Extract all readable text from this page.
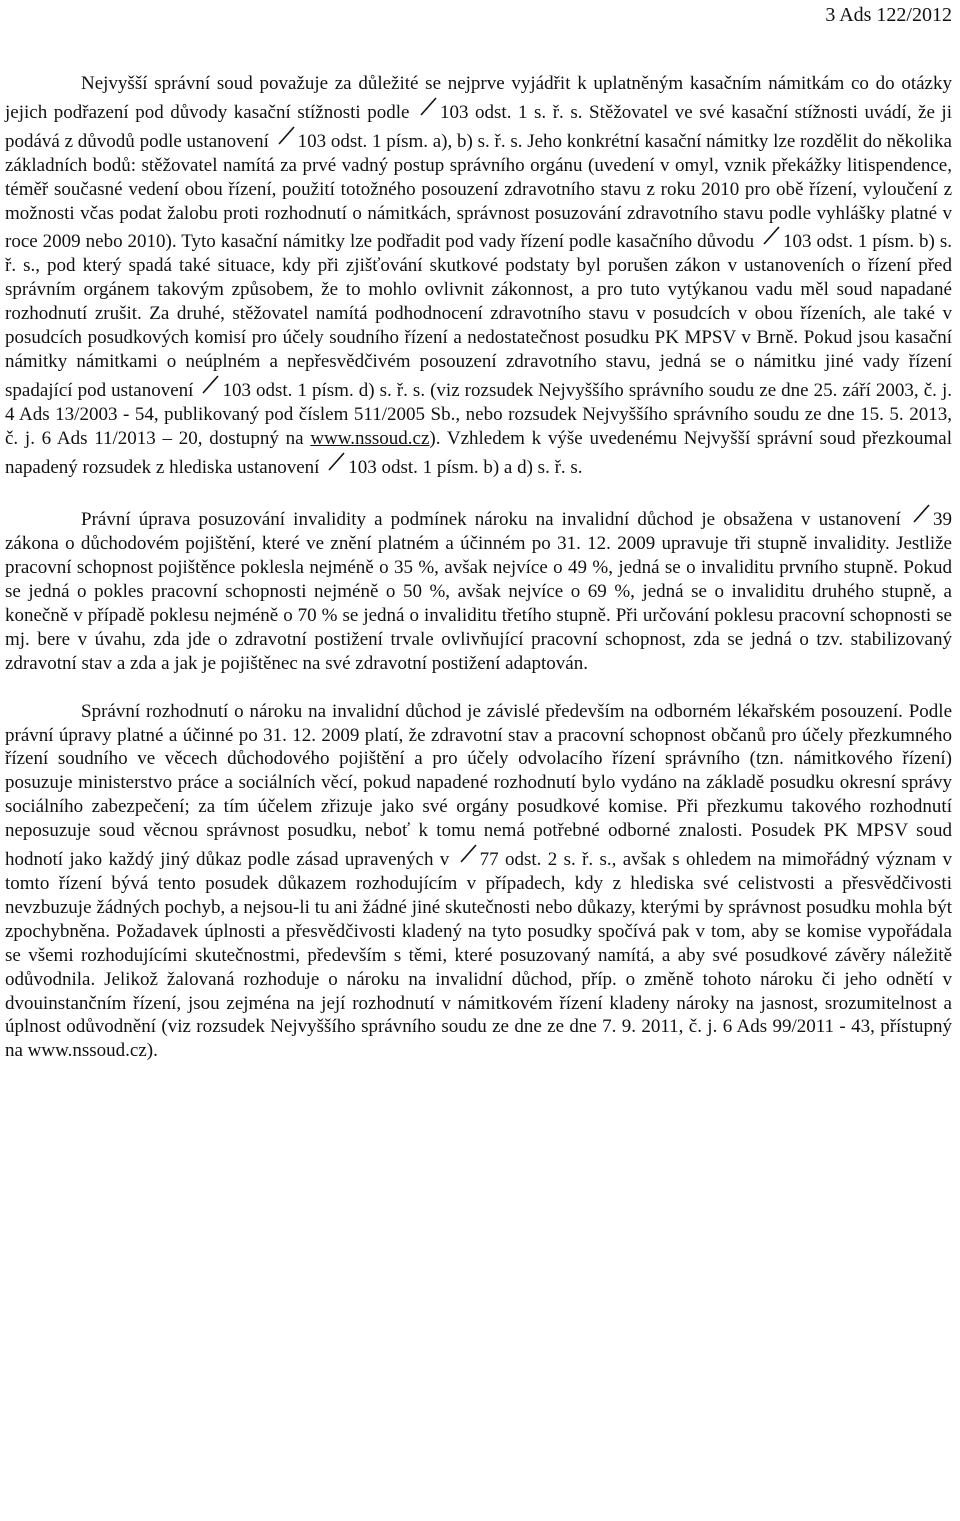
3 Ads 122/2012

Nejvyšší správní soud považuje za důležité se nejprve vyjádřit k uplatněným kasačním námitkám co do otázky jejich podřazení pod důvody kasační stížnosti podle
103 odst. 1 s. ř. s. Stěžovatel ve své kasační stížnosti uvádí, že ji podává z důvodů podle ustanovení
103 odst. 1 písm. a), b) s. ř. s. Jeho konkrétní kasační námitky lze rozdělit do několika základních bodů: stěžovatel namítá za prvé vadný postup správního orgánu (uvedení v omyl, vznik překážky litispendence, téměř současné vedení obou řízení, použití totožného posouzení zdravotního stavu z roku 2010 pro obě řízení, vyloučení z možnosti včas podat žalobu proti rozhodnutí o námitkách, správnost posuzování zdravotního stavu podle vyhlášky platné v roce 2009 nebo 2010). Tyto kasační námitky lze podřadit pod vady řízení podle kasačního důvodu
103 odst. 1 písm. b) s. ř. s., pod který spadá také situace, kdy při zjišťování skutkové podstaty byl porušen zákon v ustanoveních o řízení před správním orgánem takovým způsobem, že to mohlo ovlivnit zákonnost, a pro tuto vytýkanou vadu měl soud napadané rozhodnutí zrušit. Za druhé, stěžovatel namítá podhodnocení zdravotního stavu v posudcích v obou řízeních, ale také v posudcích posudkových komisí pro účely soudního řízení a nedostatečnost posudku PK MPSV v Brně. Pokud jsou kasační námitky námitkami o neúplném a nepřesvědčivém posouzení zdravotního stavu, jedná se o námitku jiné vady řízení spadající pod ustanovení
103 odst. 1 písm. d) s. ř. s. (viz rozsudek Nejvyššího správního soudu ze dne 25. září 2003, č. j. 4 Ads 13/2003 - 54, publikovaný pod číslem 511/2005 Sb., nebo rozsudek Nejvyššího správního soudu ze dne 15. 5. 2013, č. j. 6 Ads 11/2013 – 20, dostupný na www.nssoud.cz). Vzhledem k výše uvedenému Nejvyšší správní soud přezkoumal napadený rozsudek z hlediska ustanovení
103 odst. 1 písm. b) a d) s. ř. s.

Právní úprava posuzování invalidity a podmínek nároku na invalidní důchod je obsažena v ustanovení
39 zákona o důchodovém pojištění, které ve znění platném a účinném po 31. 12. 2009 upravuje tři stupně invalidity. Jestliže pracovní schopnost pojištěnce poklesla nejméně o 35 %, avšak nejvíce o 49 %, jedná se o invaliditu prvního stupně. Pokud se jedná o pokles pracovní schopnosti nejméně o 50 %, avšak nejvíce o 69 %, jedná se o invaliditu druhého stupně, a konečně v případě poklesu nejméně o 70 % se jedná o invaliditu třetího stupně. Při určování poklesu pracovní schopnosti se mj. bere v úvahu, zda jde o zdravotní postižení trvale ovlivňující pracovní schopnost, zda se jedná o tzv. stabilizovaný zdravotní stav a zda a jak je pojištěnec na své zdravotní postižení adaptován.

Správní rozhodnutí o nároku na invalidní důchod je závislé především na odborném lékařském posouzení. Podle právní úpravy platné a účinné po 31. 12. 2009 platí, že zdravotní stav a pracovní schopnost občanů pro účely přezkumného řízení soudního ve věcech důchodového pojištění a pro účely odvolacího řízení správního (tzn. námitkového řízení) posuzuje ministerstvo práce a sociálních věcí, pokud napadené rozhodnutí bylo vydáno na základě posudku okresní správy sociálního zabezpečení; za tím účelem zřizuje jako své orgány posudkové komise. Při přezkumu takového rozhodnutí neposuzuje soud věcnou správnost posudku, neboť k tomu nemá potřebné odborné znalosti. Posudek PK MPSV soud hodnotí jako každý jiný důkaz podle zásad upravených v
77 odst. 2 s. ř. s., avšak s ohledem na mimořádný význam v tomto řízení bývá tento posudek důkazem rozhodujícím v případech, kdy z hlediska své celistvosti a přesvědčivosti nevzbuzuje žádných pochyb, a nejsou-li tu ani žádné jiné skutečnosti nebo důkazy, kterými by správnost posudku mohla být zpochybněna. Požadavek úplnosti a přesvědčivosti kladený na tyto posudky spočívá pak v tom, aby se komise vypořádala se všemi rozhodujícími skutečnostmi, především s těmi, které posuzovaný namítá, a aby své posudkové závěry náležitě odůvodnila. Jelikož žalovaná rozhoduje o nároku na invalidní důchod, příp. o změně tohoto nároku či jeho odnětí v dvouinstančním řízení, jsou zejména na její rozhodnutí v námitkovém řízení kladeny nároky na jasnost, srozumitelnost a úplnost odůvodnění (viz rozsudek Nejvyššího správního soudu ze dne ze dne 7. 9. 2011, č. j. 6 Ads 99/2011 - 43, přístupný na www.nssoud.cz).
